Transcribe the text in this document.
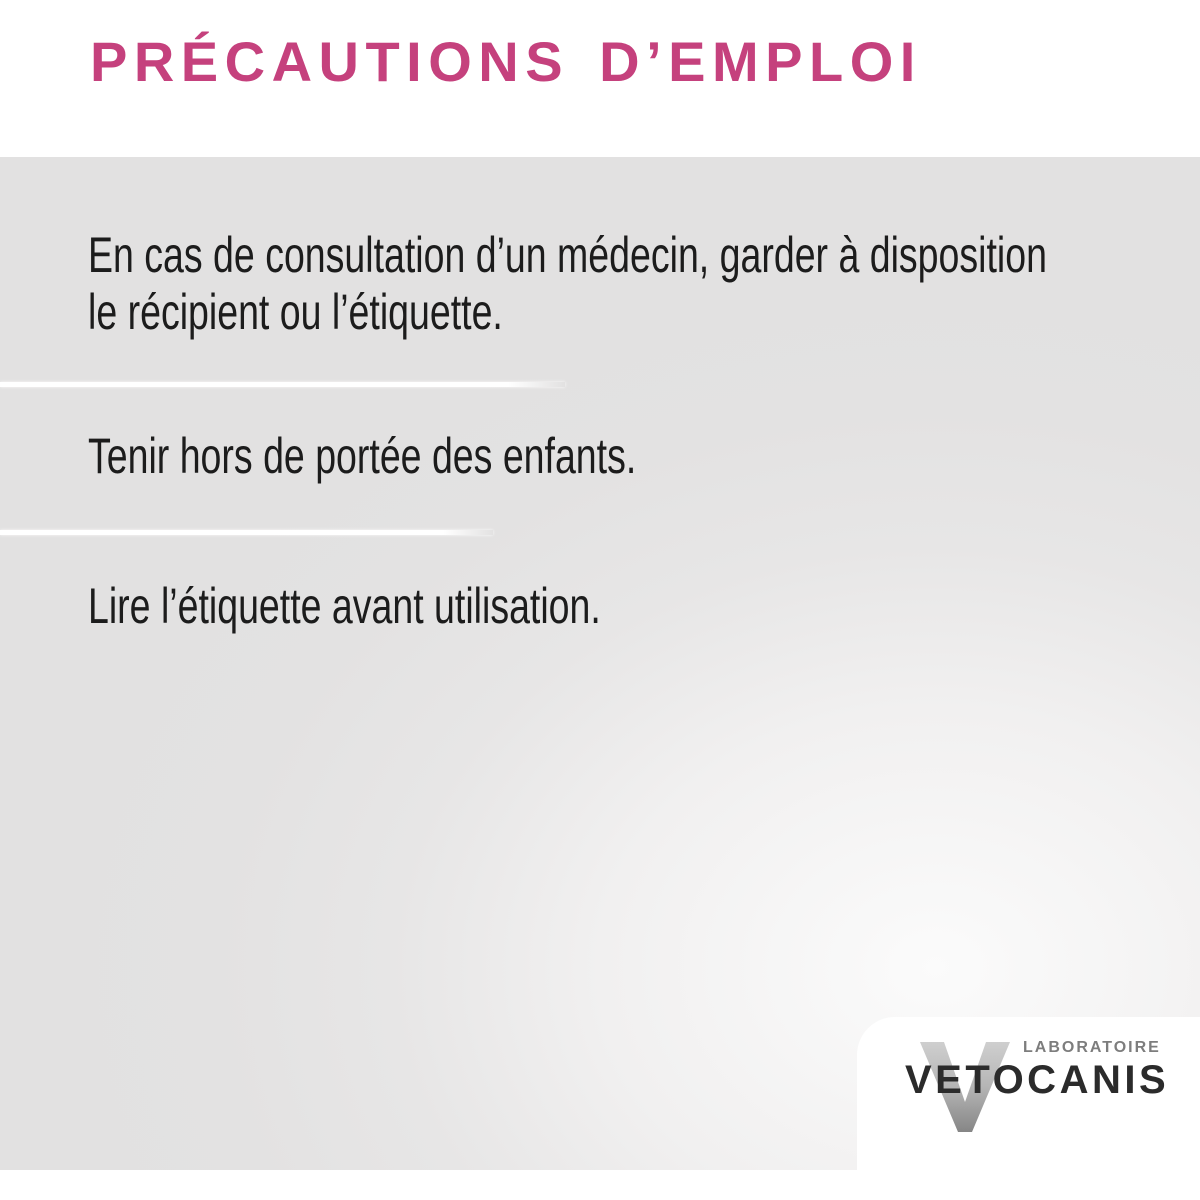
PRÉCAUTIONS D’EMPLOI

En cas de consultation d’un médecin, garder à disposition
le récipient ou l’étiquette.

Tenir hors de portée des enfants.

Lire l’étiquette avant utilisation.

LABORATOIRE
VETOCANIS
